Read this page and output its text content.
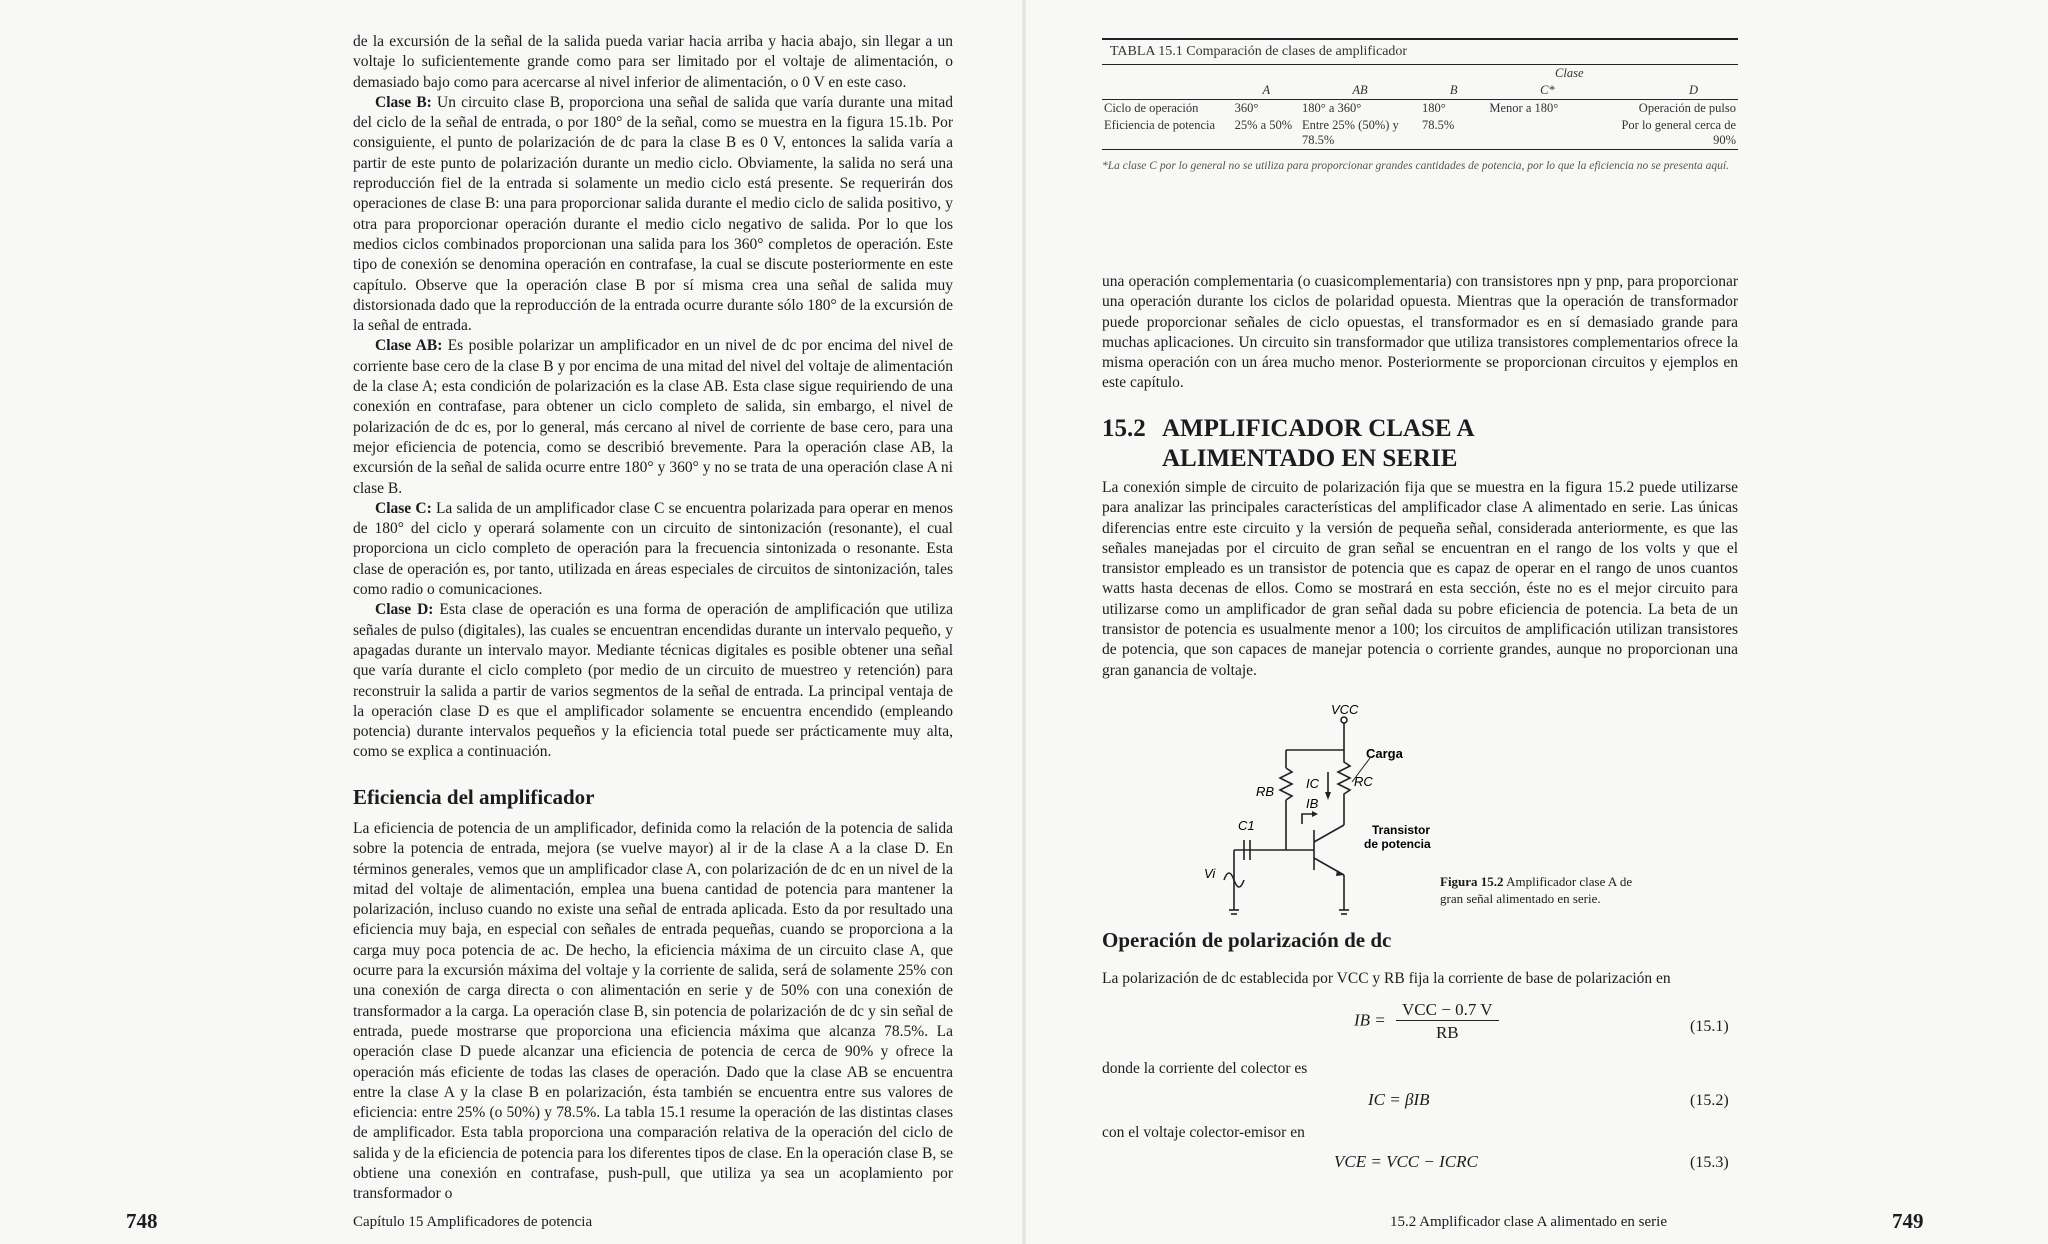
de la excursión de la señal de la salida pueda variar hacia arriba y hacia abajo, sin llegar a un voltaje lo suficientemente grande como para ser limitado por el voltaje de alimentación, o demasiado bajo como para acercarse al nivel inferior de alimentación, o 0 V en este caso.

Clase B: Un circuito clase B, proporciona una señal de salida que varía durante una mitad del ciclo de la señal de entrada, o por 180° de la señal, como se muestra en la figura 15.1b. Por consiguiente, el punto de polarización de dc para la clase B es 0 V, entonces la salida varía a partir de este punto de polarización durante un medio ciclo. Obviamente, la salida no será una reproducción fiel de la entrada si solamente un medio ciclo está presente. Se requerirán dos operaciones de clase B: una para proporcionar salida durante el medio ciclo de salida positivo, y otra para proporcionar operación durante el medio ciclo negativo de salida. Por lo que los medios ciclos combinados proporcionan una salida para los 360° completos de operación. Este tipo de conexión se denomina operación en contrafase, la cual se discute posteriormente en este capítulo. Observe que la operación clase B por sí misma crea una señal de salida muy distorsionada dado que la reproducción de la entrada ocurre durante sólo 180° de la excursión de la señal de entrada.

Clase AB: Es posible polarizar un amplificador en un nivel de dc por encima del nivel de corriente base cero de la clase B y por encima de una mitad del nivel del voltaje de alimentación de la clase A; esta condición de polarización es la clase AB. Esta clase sigue requiriendo de una conexión en contrafase, para obtener un ciclo completo de salida, sin embargo, el nivel de polarización de dc es, por lo general, más cercano al nivel de corriente de base cero, para una mejor eficiencia de potencia, como se describió brevemente. Para la operación clase AB, la excursión de la señal de salida ocurre entre 180° y 360° y no se trata de una operación clase A ni clase B.

Clase C: La salida de un amplificador clase C se encuentra polarizada para operar en menos de 180° del ciclo y operará solamente con un circuito de sintonización (resonante), el cual proporciona un ciclo completo de operación para la frecuencia sintonizada o resonante. Esta clase de operación es, por tanto, utilizada en áreas especiales de circuitos de sintonización, tales como radio o comunicaciones.

Clase D: Esta clase de operación es una forma de operación de amplificación que utiliza señales de pulso (digitales), las cuales se encuentran encendidas durante un intervalo pequeño, y apagadas durante un intervalo mayor. Mediante técnicas digitales es posible obtener una señal que varía durante el ciclo completo (por medio de un circuito de muestreo y retención) para reconstruir la salida a partir de varios segmentos de la señal de entrada. La principal ventaja de la operación clase D es que el amplificador solamente se encuentra encendido (empleando potencia) durante intervalos pequeños y la eficiencia total puede ser prácticamente muy alta, como se explica a continuación.

Eficiencia del amplificador

La eficiencia de potencia de un amplificador, definida como la relación de la potencia de salida sobre la potencia de entrada, mejora (se vuelve mayor) al ir de la clase A a la clase D. En términos generales, vemos que un amplificador clase A, con polarización de dc en un nivel de la mitad del voltaje de alimentación, emplea una buena cantidad de potencia para mantener la polarización, incluso cuando no existe una señal de entrada aplicada. Esto da por resultado una eficiencia muy baja, en especial con señales de entrada pequeñas, cuando se proporciona a la carga muy poca potencia de ac. De hecho, la eficiencia máxima de un circuito clase A, que ocurre para la excursión máxima del voltaje y la corriente de salida, será de solamente 25% con una conexión de carga directa o con alimentación en serie y de 50% con una conexión de transformador a la carga. La operación clase B, sin potencia de polarización de dc y sin señal de entrada, puede mostrarse que proporciona una eficiencia máxima que alcanza 78.5%. La operación clase D puede alcanzar una eficiencia de potencia de cerca de 90% y ofrece la operación más eficiente de todas las clases de operación. Dado que la clase AB se encuentra entre la clase A y la clase B en polarización, ésta también se encuentra entre sus valores de eficiencia: entre 25% (o 50%) y 78.5%. La tabla 15.1 resume la operación de las distintas clases de amplificador. Esta tabla proporciona una comparación relativa de la operación del ciclo de salida y de la eficiencia de potencia para los diferentes tipos de clase. En la operación clase B, se obtiene una conexión en contrafase, push-pull, que utiliza ya sea un acoplamiento por transformador o

748	Capítulo 15 Amplificadores de potencia
TABLA 15.1 Comparación de clases de amplificador
	Clase				
	A	AB	B	C*	D
Ciclo de operación	360°	180° a 360°	180°	Menor a 180°	Operación de pulso
Eficiencia de potencia	25% a 50%	Entre 25% (50%) y 78.5%	78.5%		Por lo general cerca de 90%
*La clase C por lo general no se utiliza para proporcionar grandes cantidades de potencia, por lo que la eficiencia no se presenta aquí.

una operación complementaria (o cuasicomplementaria) con transistores npn y pnp, para proporcionar una operación durante los ciclos de polaridad opuesta. Mientras que la operación de transformador puede proporcionar señales de ciclo opuestas, el transformador es en sí demasiado grande para muchas aplicaciones. Un circuito sin transformador que utiliza transistores complementarios ofrece la misma operación con un área mucho menor. Posteriormente se proporcionan circuitos y ejemplos en este capítulo.

15.2 AMPLIFICADOR CLASE A
ALIMENTADO EN SERIE

La conexión simple de circuito de polarización fija que se muestra en la figura 15.2 puede utilizarse para analizar las principales características del amplificador clase A alimentado en serie. Las únicas diferencias entre este circuito y la versión de pequeña señal, considerada anteriormente, es que las señales manejadas por el circuito de gran señal se encuentran en el rango de los volts y que el transistor empleado es un transistor de potencia que es capaz de operar en el rango de unos cuantos watts hasta decenas de ellos. Como se mostrará en esta sección, éste no es el mejor circuito para utilizarse como un amplificador de gran señal dada su pobre eficiencia de potencia. La beta de un transistor de potencia es usualmente menor a 100; los circuitos de amplificación utilizan transistores de potencia, que son capaces de manejar potencia o corriente grandes, aunque no proporcionan una gran ganancia de voltaje.

VCC
Carga
RB
RC
IC
IB
C1
Vi
Transistor
de potencia
Figura 15.2 Amplificador clase A de gran señal alimentado en serie.
Operación de polarización de dc
La polarización de dc establecida por VCC y RB fija la corriente de base de polarización en
IB = $\frac{\text{VCC − 0.7 V}}{RB}$	(15.1)
donde la corriente del colector es
IC = βIB	(15.2)
con el voltaje colector-emisor en
VCE = VCC − ICRC	(15.3)
15.2 Amplificador clase A alimentado en serie	749
